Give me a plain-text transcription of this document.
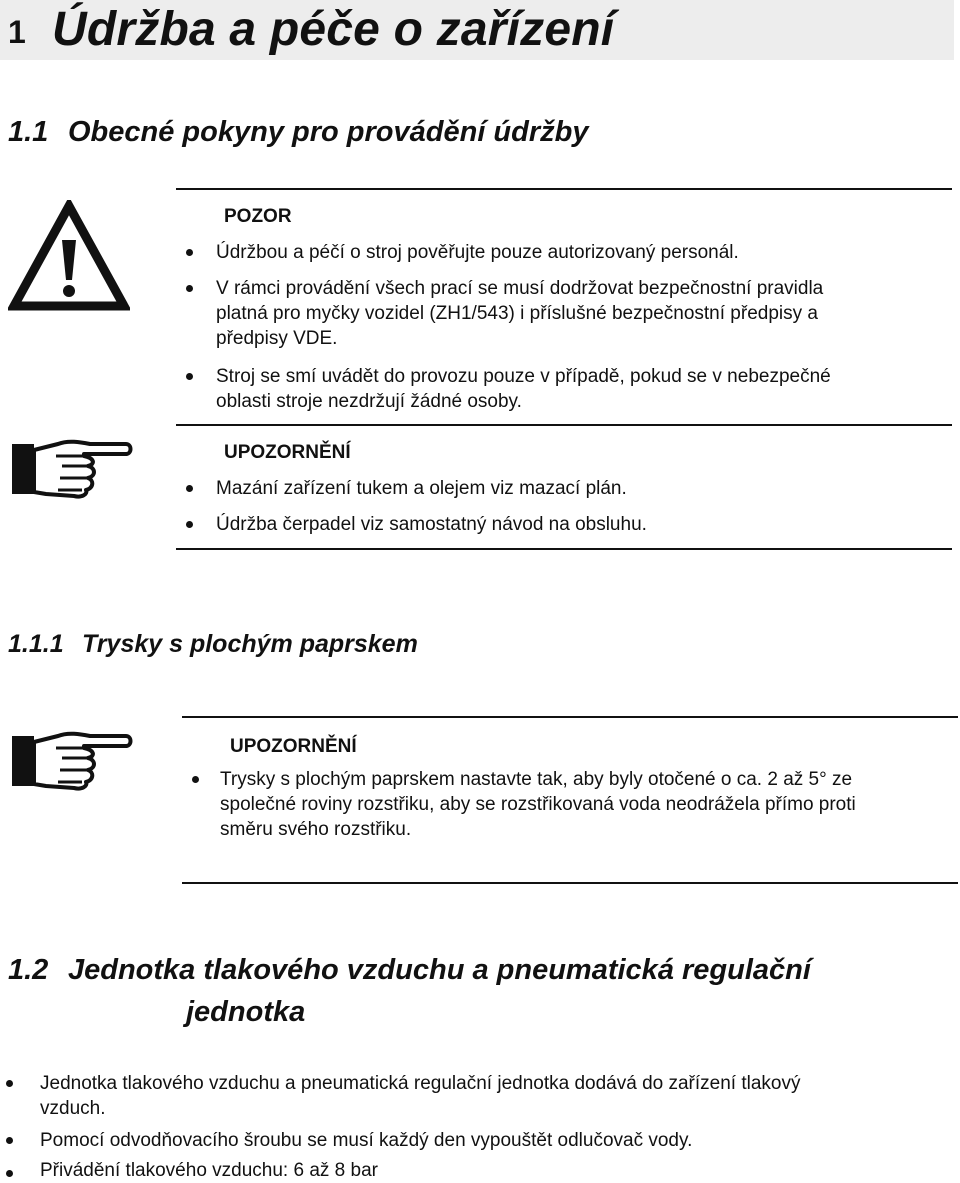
1 Údržba a péče o zařízení
1.1 Obecné pokyny pro provádění údržby
POZOR
Údržbou a péčí o stroj pověřujte pouze autorizovaný personál.
V rámci provádění všech prací se musí dodržovat bezpečnostní pravidla
platná pro myčky vozidel (ZH1/543) i příslušné bezpečnostní předpisy a
předpisy VDE.
Stroj se smí uvádět do provozu pouze v případě, pokud se v nebezpečné
oblasti stroje nezdržují žádné osoby.
UPOZORNĚNÍ
Mazání zařízení tukem a olejem viz mazací plán.
Údržba čerpadel viz samostatný návod na obsluhu.
1.1.1 Trysky s plochým paprskem
UPOZORNĚNÍ
Trysky s plochým paprskem nastavte tak, aby byly otočené o ca. 2 až 5° ze
společné roviny rozstřiku, aby se rozstřikovaná voda neodrážela přímo proti
směru svého rozstřiku.
1.2 Jednotka tlakového vzduchu a pneumatická regulační
jednotka
Jednotka tlakového vzduchu a pneumatická regulační jednotka dodává do zařízení tlakový
vzduch.
Pomocí odvodňovacího šroubu se musí každý den vypouštět odlučovač vody.
Přivádění tlakového vzduchu: 6 až 8 bar
